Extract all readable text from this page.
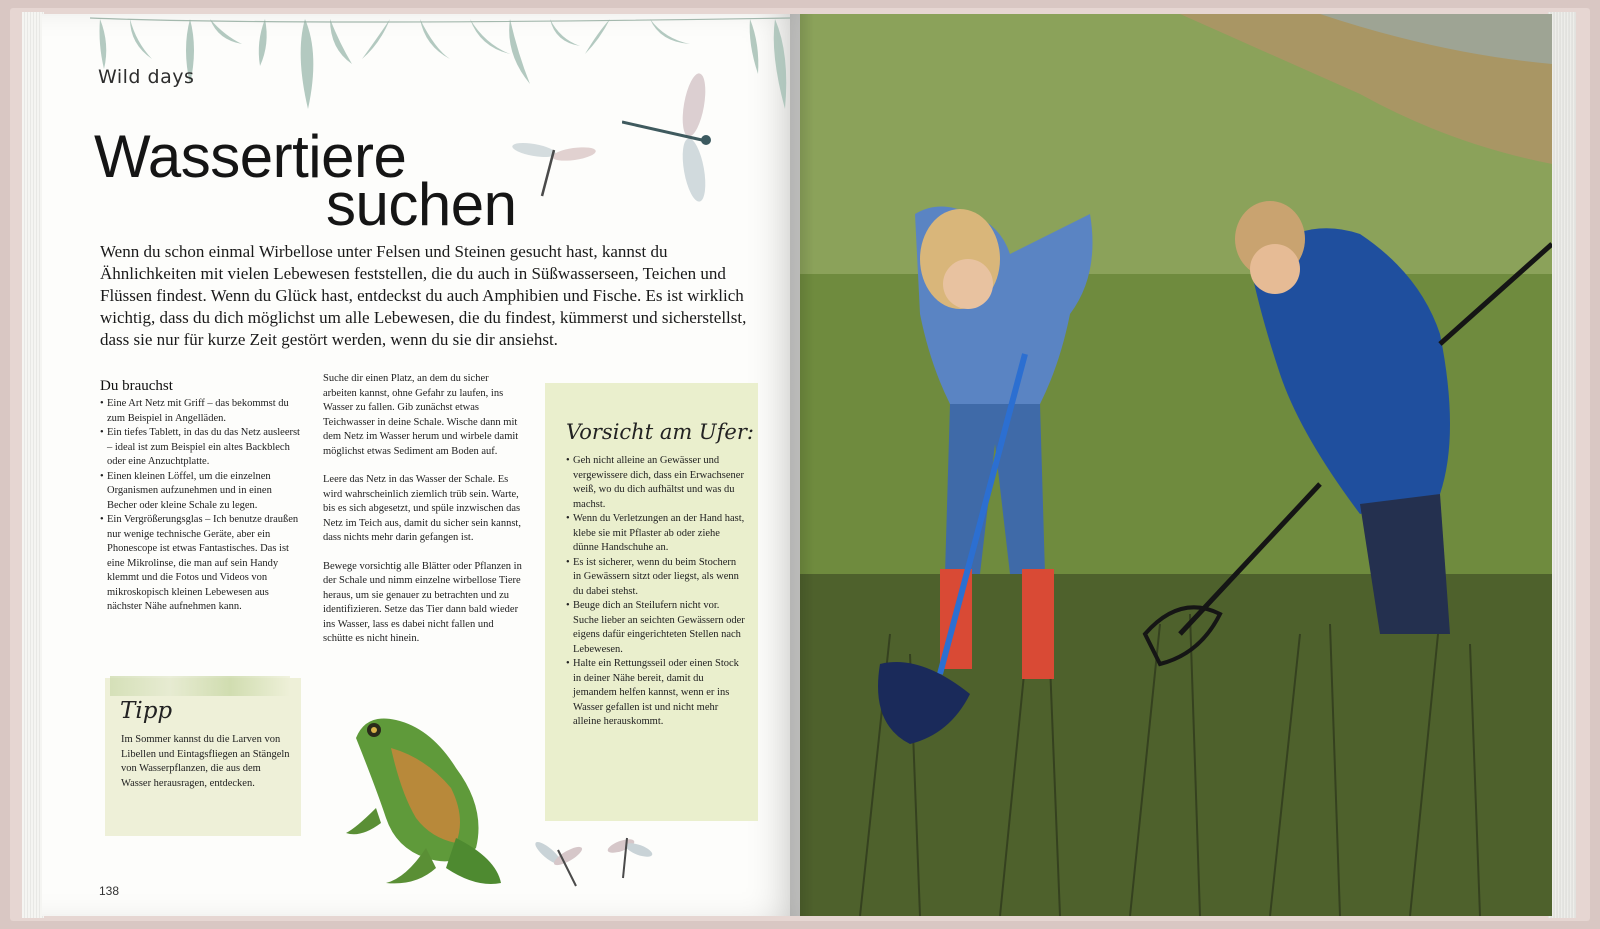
Wild days
Wassertiere
suchen
Wenn du schon einmal Wirbellose unter Felsen und Steinen gesucht hast, kannst du Ähnlichkeiten mit vielen Lebewesen feststellen, die du auch in Süßwasserseen, Teichen und Flüssen findest. Wenn du Glück hast, entdeckst du auch Amphibien und Fische. Es ist wirklich wichtig, dass du dich möglichst um alle Lebewesen, die du findest, kümmerst und sicherstellst, dass sie nur für kurze Zeit gestört werden, wenn du sie dir ansiehst.
Du brauchst
• Eine Art Netz mit Griff – das bekommst du zum Beispiel in Angelläden.
• Ein tiefes Tablett, in das du das Netz ausleerst – ideal ist zum Beispiel ein altes Backblech oder eine Anzuchtplatte.
• Einen kleinen Löffel, um die einzelnen Organismen aufzunehmen und in einen Becher oder kleine Schale zu legen.
• Ein Vergrößerungsglas – Ich benutze draußen nur wenige technische Geräte, aber ein Phonescope ist etwas Fantastisches. Das ist eine Mikrolinse, die man auf sein Handy klemmt und die Fotos und Videos von mikroskopisch kleinen Lebewesen aus nächster Nähe aufnehmen kann.

Suche dir einen Platz, an dem du sicher arbeiten kannst, ohne Gefahr zu laufen, ins Wasser zu fallen. Gib zunächst etwas Teichwasser in deine Schale. Wische dann mit dem Netz im Wasser herum und wirbele damit möglichst etwas Sediment am Boden auf.

Leere das Netz in das Wasser der Schale. Es wird wahrscheinlich ziemlich trüb sein. Warte, bis es sich abgesetzt, und spüle inzwischen das Netz im Teich aus, damit du sicher sein kannst, dass nichts mehr darin gefangen ist.

Bewege vorsichtig alle Blätter oder Pflanzen in der Schale und nimm einzelne wirbellose Tiere heraus, um sie genauer zu betrachten und zu identifizieren. Setze das Tier dann bald wieder ins Wasser, lass es dabei nicht fallen und schütte es nicht hinein.

Tipp
Im Sommer kannst du die Larven von Libellen und Eintagsfliegen an Stängeln von Wasserpflanzen, die aus dem Wasser herausragen, entdecken.
Vorsicht am Ufer:
• Geh nicht alleine an Gewässer und vergewissere dich, dass ein Erwachsener weiß, wo du dich aufhältst und was du machst.
• Wenn du Verletzungen an der Hand hast, klebe sie mit Pflaster ab oder ziehe dünne Handschuhe an.
• Es ist sicherer, wenn du beim Stochern in Gewässern sitzt oder liegst, als wenn du dabei stehst.
• Beuge dich an Steilufern nicht vor. Suche lieber an seichten Gewässern oder eigens dafür eingerichteten Stellen nach Lebewesen.
• Halte ein Rettungsseil oder einen Stock in deiner Nähe bereit, damit du jemandem helfen kannst, wenn er ins Wasser gefallen ist und nicht mehr alleine herauskommt.
138
